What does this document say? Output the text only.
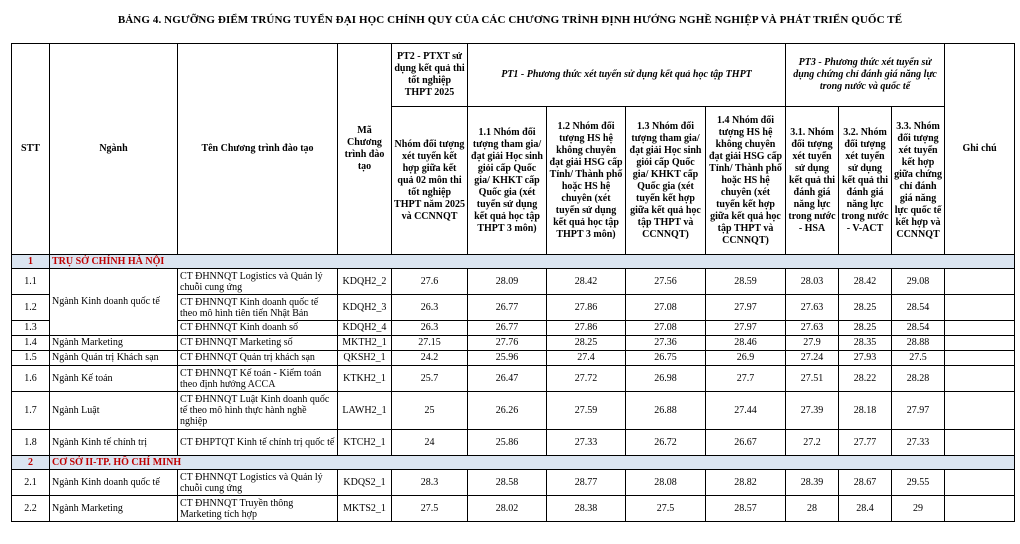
BẢNG 4. NGƯỠNG ĐIỂM TRÚNG TUYỂN ĐẠI HỌC CHÍNH QUY CỦA CÁC CHƯƠNG TRÌNH ĐỊNH HƯỚNG NGHỀ NGHIỆP VÀ PHÁT TRIỂN QUỐC TẾ
STT	Ngành	Tên Chương trình đào tạo	Mã Chương trình đào tạo	PT2 - PTXT sử dụng kết quả thi tốt nghiệp THPT 2025	PT1 - Phương thức xét tuyển sử dụng kết quả học tập THPT				PT3 - Phương thức xét tuyển sử dụng chứng chỉ đánh giá năng lực trong nước và quốc tế			Ghi chú
				Nhóm đối tượng xét tuyển kết hợp giữa kết quả 02 môn thi tốt nghiệp THPT năm 2025 và CCNNQT	1.1 Nhóm đối tượng tham gia/đạt giải Học sinh giỏi cấp Quốc gia/ KHKT cấp Quốc gia (xét tuyển sử dụng kết quả học tập THPT 3 môn)	1.2 Nhóm đối tượng HS hệ không chuyên đạt giải HSG cấp Tỉnh/ Thành phố hoặc HS hệ chuyên (xét tuyển sử dụng kết quả học tập THPT 3 môn)	1.3 Nhóm đối tượng tham gia/đạt giải Học sinh giỏi cấp Quốc gia/ KHKT cấp Quốc gia (xét tuyển kết hợp giữa kết quả học tập THPT và CCNNQT)	1.4 Nhóm đối tượng HS hệ không chuyên đạt giải HSG cấp Tỉnh/ Thành phố hoặc HS hệ chuyên (xét tuyển kết hợp giữa kết quả học tập THPT và CCNNQT)	3.1. Nhóm đối tượng xét tuyển sử dụng kết quả thi đánh giá năng lực trong nước - HSA	3.2. Nhóm đối tượng xét tuyển sử dụng kết quả thi đánh giá năng lực trong nước - V-ACT	3.3. Nhóm đối tượng xét tuyển kết hợp giữa chứng chỉ đánh giá năng lực quốc tế kết hợp và CCNNQT	
1	TRỤ SỞ CHÍNH HÀ NỘI											
1.1	Ngành Kinh doanh quốc tế	CT ĐHNNQT Logistics và Quản lý chuỗi cung ứng	KDQH2_2	27.6	28.09	28.42	27.56	28.59	28.03	28.42	29.08	
1.2		CT ĐHNNQT Kinh doanh quốc tế theo mô hình tiên tiến Nhật Bản	KDQH2_3	26.3	26.77	27.86	27.08	27.97	27.63	28.25	28.54	
1.3		CT ĐHNNQT Kinh doanh số	KDQH2_4	26.3	26.77	27.86	27.08	27.97	27.63	28.25	28.54	
1.4	Ngành Marketing	CT ĐHNNQT Marketing số	MKTH2_1	27.15	27.76	28.25	27.36	28.46	27.9	28.35	28.88	
1.5	Ngành Quản trị Khách sạn	CT ĐHNNQT Quản trị khách sạn	QKSH2_1	24.2	25.96	27.4	26.75	26.9	27.24	27.93	27.5	
1.6	Ngành Kế toán	CT ĐHNNQT Kế toán - Kiểm toán theo định hướng ACCA	KTKH2_1	25.7	26.47	27.72	26.98	27.7	27.51	28.22	28.28	
1.7	Ngành Luật	CT ĐHNNQT Luật Kinh doanh quốc tế theo mô hình thực hành nghề nghiệp	LAWH2_1	25	26.26	27.59	26.88	27.44	27.39	28.18	27.97	
1.8	Ngành Kinh tế chính trị	CT ĐHPTQT Kinh tế chính trị quốc tế	KTCH2_1	24	25.86	27.33	26.72	26.67	27.2	27.77	27.33	
2	CƠ SỞ II-TP. HỒ CHÍ MINH											
2.1	Ngành Kinh doanh quốc tế	CT ĐHNNQT Logistics và Quản lý chuỗi cung ứng	KDQS2_1	28.3	28.58	28.77	28.08	28.82	28.39	28.67	29.55	
2.2	Ngành Marketing	CT ĐHNNQT Truyền thông Marketing tích hợp	MKTS2_1	27.5	28.02	28.38	27.5	28.57	28	28.4	29	
